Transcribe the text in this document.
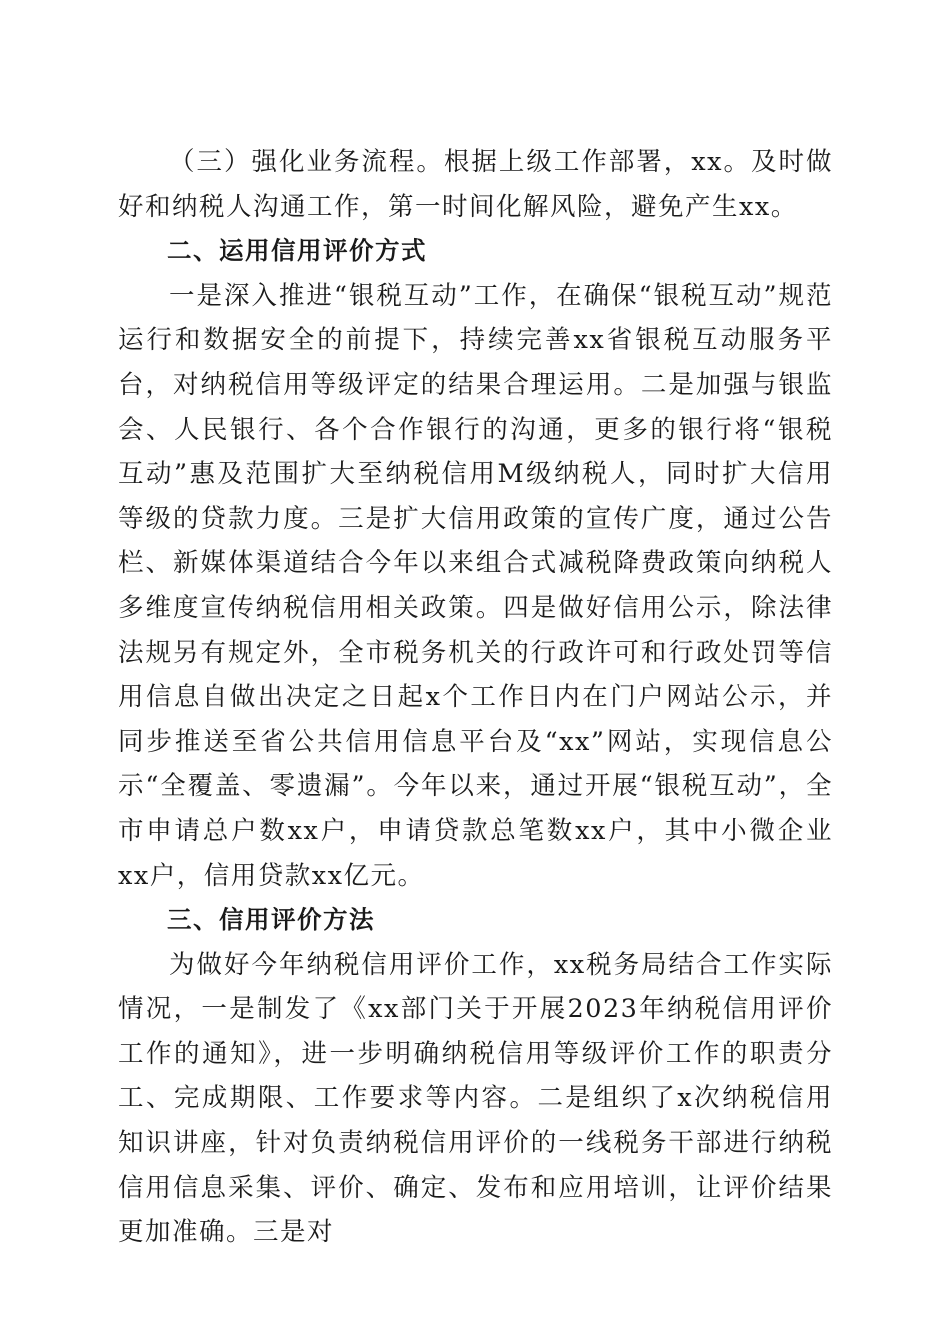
（三）强化业务流程。根据上级工作部署，xx。及时做好和纳税人沟通工作，第一时间化解风险，避免产生xx。

二、运用信用评价方式

一是深入推进“银税互动”工作，在确保“银税互动”规范运行和数据安全的前提下，持续完善xx省银税互动服务平台，对纳税信用等级评定的结果合理运用。二是加强与银监会、人民银行、各个合作银行的沟通，更多的银行将“银税互动”惠及范围扩大至纳税信用M级纳税人，同时扩大信用等级的贷款力度。三是扩大信用政策的宣传广度，通过公告栏、新媒体渠道结合今年以来组合式减税降费政策向纳税人多维度宣传纳税信用相关政策。四是做好信用公示，除法律法规另有规定外，全市税务机关的行政许可和行政处罚等信用信息自做出决定之日起x个工作日内在门户网站公示，并同步推送至省公共信用信息平台及“xx”网站，实现信息公示“全覆盖、零遗漏”。今年以来，通过开展“银税互动”，全市申请总户数xx户，申请贷款总笔数xx户，其中小微企业xx户，信用贷款xx亿元。

三、信用评价方法

为做好今年纳税信用评价工作，xx税务局结合工作实际情况，一是制发了《xx部门关于开展2023年纳税信用评价工作的通知》，进一步明确纳税信用等级评价工作的职责分工、完成期限、工作要求等内容。二是组织了x次纳税信用知识讲座，针对负责纳税信用评价的一线税务干部进行纳税信用信息采集、评价、确定、发布和应用培训，让评价结果更加准确。三是对
